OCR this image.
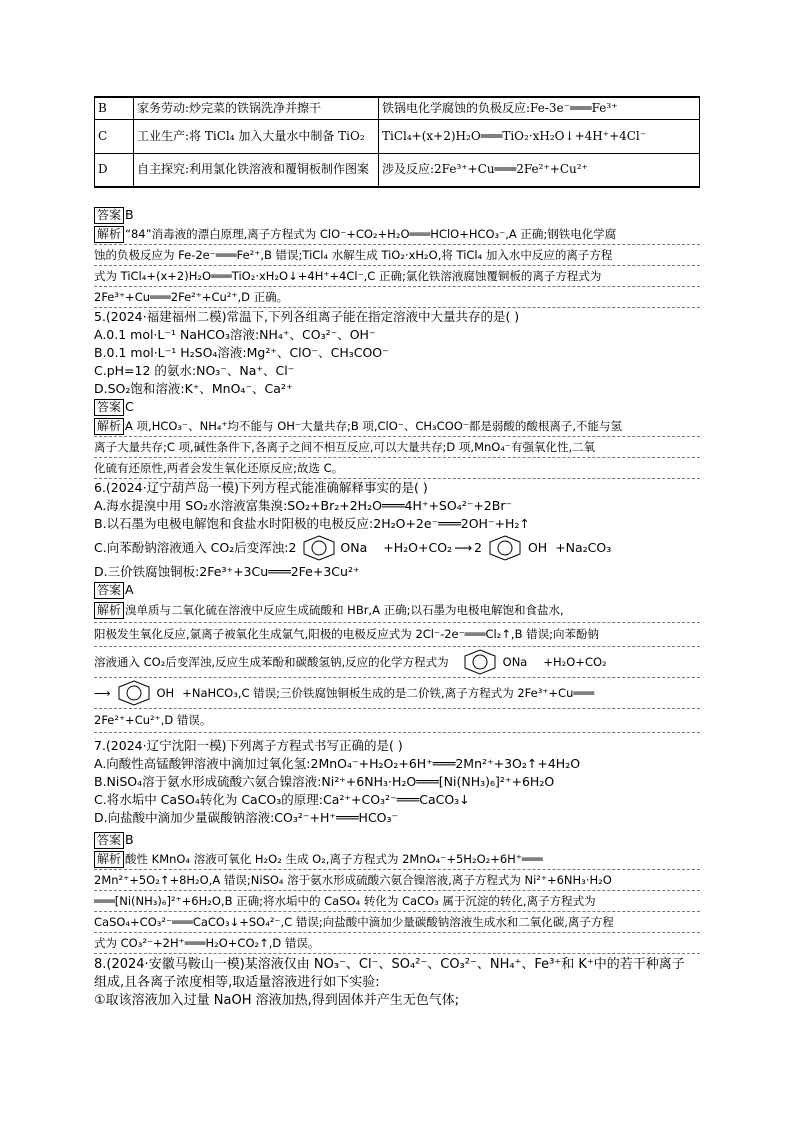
B	家务劳动:炒完菜的铁锅洗净并擦干	铁锅电化学腐蚀的负极反应:Fe-3e⁻═══Fe³⁺
C	工业生产:将 TiCl₄ 加入大量水中制备 TiO₂	TiCl₄+(x+2)H₂O═══TiO₂·xH₂O↓+4H⁺+4Cl⁻
D	自主探究:利用氯化铁溶液和覆铜板制作图案	涉及反应:2Fe³⁺+Cu═══2Fe²⁺+Cu²⁺
答案 B
解析 “84”消毒液的漂白原理,离子方程式为 ClO⁻+CO₂+H₂O═══HClO+HCO₃⁻,A 正确;钢铁电化学腐
蚀的负极反应为 Fe-2e⁻═══Fe²⁺,B 错误;TiCl₄ 水解生成 TiO₂·xH₂O,将 TiCl₄ 加入水中反应的离子方程
式为 TiCl₄+(x+2)H₂O═══TiO₂·xH₂O↓+4H⁺+4Cl⁻,C 正确;氯化铁溶液腐蚀覆铜板的离子方程式为
2Fe³⁺+Cu═══2Fe²⁺+Cu²⁺,D 正确。
5.(2024·福建福州二模)常温下,下列各组离子能在指定溶液中大量共存的是( )
A.0.1 mol·L⁻¹ NaHCO₃溶液:NH₄⁺、CO₃²⁻、OH⁻
B.0.1 mol·L⁻¹ H₂SO₄溶液:Mg²⁺、ClO⁻、CH₃COO⁻
C.pH=12 的氨水:NO₃⁻、Na⁺、Cl⁻
D.SO₂饱和溶液:K⁺、MnO₄⁻、Ca²⁺
答案 C
解析 A 项,HCO₃⁻、NH₄⁺均不能与 OH⁻大量共存;B 项,ClO⁻、CH₃COO⁻都是弱酸的酸根离子,不能与氢
离子大量共存;C 项,碱性条件下,各离子之间不相互反应,可以大量共存;D 项,MnO₄⁻有强氧化性,二氧
化硫有还原性,两者会发生氧化还原反应;故选 C。
6.(2024·辽宁葫芦岛一模)下列方程式能准确解释事实的是( )
A.海水提溴中用 SO₂水溶液富集溴:SO₂+Br₂+2H₂O═══4H⁺+SO₄²⁻+2Br⁻
B.以石墨为电极电解饱和食盐水时阳极的电极反应:2H₂O+2e⁻═══2OH⁻+H₂↑
C.向苯酚钠溶液通入 CO₂后变浑浊:2	ONa +H₂O+CO₂ ⟶ 2	OH +Na₂CO₃
D.三价铁腐蚀铜板:2Fe³⁺+3Cu═══2Fe+3Cu²⁺
答案 A
解析 溴单质与二氧化硫在溶液中反应生成硫酸和 HBr,A 正确;以石墨为电极电解饱和食盐水,
阳极发生氧化反应,氯离子被氧化生成氯气,阳极的电极反应式为 2Cl⁻-2e⁻═══Cl₂↑,B 错误;向苯酚钠
溶液通入 CO₂后变浑浊,反应生成苯酚和碳酸氢钠,反应的化学方程式为	ONa +H₂O+CO₂
⟶	OH +NaHCO₃,C 错误;三价铁腐蚀铜板生成的是二价铁,离子方程式为 2Fe³⁺+Cu═══
2Fe²⁺+Cu²⁺,D 错误。
7.(2024·辽宁沈阳一模)下列离子方程式书写正确的是( )
A.向酸性高锰酸钾溶液中滴加过氧化氢:2MnO₄⁻+H₂O₂+6H⁺═══2Mn²⁺+3O₂↑+4H₂O
B.NiSO₄溶于氨水形成硫酸六氨合镍溶液:Ni²⁺+6NH₃·H₂O═══[Ni(NH₃)₆]²⁺+6H₂O
C.将水垢中 CaSO₄转化为 CaCO₃的原理:Ca²⁺+CO₃²⁻═══CaCO₃↓
D.向盐酸中滴加少量碳酸钠溶液:CO₃²⁻+H⁺═══HCO₃⁻
答案 B
解析 酸性 KMnO₄ 溶液可氧化 H₂O₂ 生成 O₂,离子方程式为 2MnO₄⁻+5H₂O₂+6H⁺═══
2Mn²⁺+5O₂↑+8H₂O,A 错误;NiSO₄ 溶于氨水形成硫酸六氨合镍溶液,离子方程式为 Ni²⁺+6NH₃·H₂O
═══[Ni(NH₃)₆]²⁺+6H₂O,B 正确;将水垢中的 CaSO₄ 转化为 CaCO₃ 属于沉淀的转化,离子方程式为
CaSO₄+CO₃²⁻═══CaCO₃↓+SO₄²⁻,C 错误;向盐酸中滴加少量碳酸钠溶液生成水和二氧化碳,离子方程
式为 CO₃²⁻+2H⁺═══H₂O+CO₂↑,D 错误。
8.(2024·安徽马鞍山一模)某溶液仅由 NO₃⁻、Cl⁻、SO₄²⁻、CO₃²⁻、NH₄⁺、Fe³⁺和 K⁺中的若干种离子
组成,且各离子浓度相等,取适量溶液进行如下实验:
①取该溶液加入过量 NaOH 溶液加热,得到固体并产生无色气体;
